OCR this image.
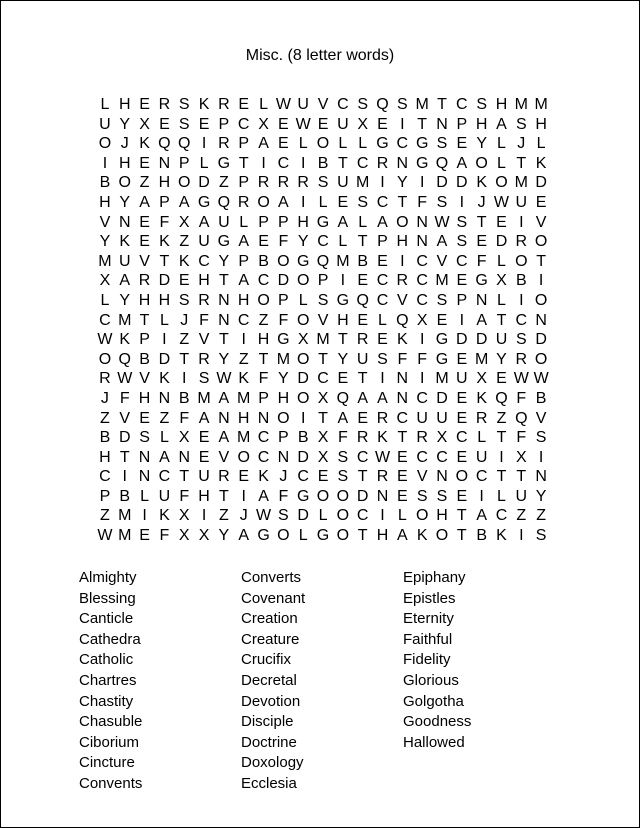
Misc. (8 letter words)
L H E R S K R E L W U V C S Q S M T C S H M M
U Y X E S E P C X E W E U X E I T N P H A S H
O J K Q Q I R P A E L O L L G C G S E Y L J L
I H E N P L G T I C I B T C R N G Q A O L T K
B O Z H O D Z P R R R S U M I Y I D D K O M D
H Y A P A G Q R O A I L E S C T F S I J W U E
V N E F X A U L P P H G A L A O N W S T E I V
Y K E K Z U G A E F Y C L T P H N A S E D R O
M U V T K C Y P B O G Q M B E I C V C F L O T
X A R D E H T A C D O P I E C R C M E G X B I
L Y H H S R N H O P L S G Q C V C S P N L I O
C M T L J F N C Z F O V H E L Q X E I A T C N
W K P I Z V T I H G X M T R E K I G D D U S D
O Q B D T R Y Z T M O T Y U S F F G E M Y R O
R W V K I S W K F Y D C E T I N I M U X E W W
J F H N B M A M P H O X Q A A N C D E K Q F B
Z V E Z F A N H N O I T A E R C U U E R Z Q V
B D S L X E A M C P B X F R K T R X C L T F S
H T N A N E V O C N D X S C W E C C E U I X I
C I N C T U R E K J C E S T R E V N O C T T N
P B L U F H T I A F G O O D N E S S E I L U Y
Z M I K X I Z J W S D L O C I L O H T A C Z Z
W M E F X X Y A G O L G O T H A K O T B K I S
Almighty
Blessing
Canticle
Cathedra
Catholic
Chartres
Chastity
Chasuble
Ciborium
Cincture
Convents
Converts
Covenant
Creation
Creature
Crucifix
Decretal
Devotion
Disciple
Doctrine
Doxology
Ecclesia
Epiphany
Epistles
Eternity
Faithful
Fidelity
Glorious
Golgotha
Goodness
Hallowed
